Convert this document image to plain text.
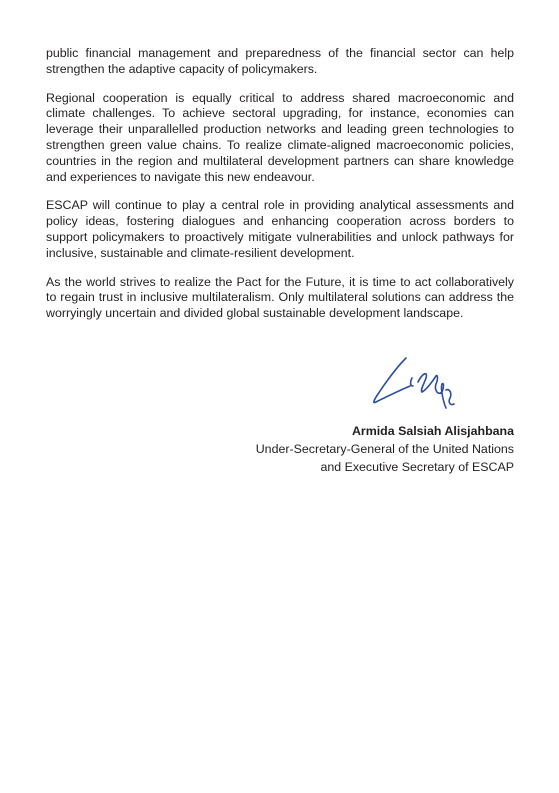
public financial management and preparedness of the financial sector can help strengthen the adaptive capacity of policymakers.

Regional cooperation is equally critical to address shared macroeconomic and climate challenges. To achieve sectoral upgrading, for instance, economies can leverage their unparallelled production networks and leading green technologies to strengthen green value chains. To realize climate-aligned macroeconomic policies, countries in the region and multilateral development partners can share knowledge and experiences to navigate this new endeavour.

ESCAP will continue to play a central role in providing analytical assessments and policy ideas, fostering dialogues and enhancing cooperation across borders to support policymakers to proactively mitigate vulnerabilities and unlock pathways for inclusive, sustainable and climate-resilient development.

As the world strives to realize the Pact for the Future, it is time to act collaboratively to regain trust in inclusive multilateralism. Only multilateral solutions can address the worryingly uncertain and divided global sustainable development landscape.

Armida Salsiah Alisjahbana
Under-Secretary-General of the United Nations
and Executive Secretary of ESCAP
